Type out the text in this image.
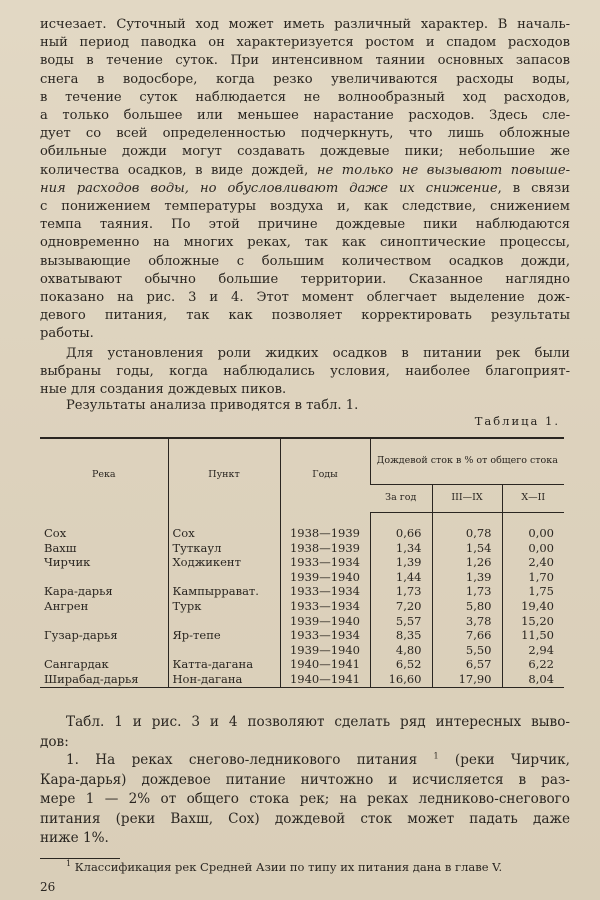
исчезает. Суточный ход может иметь различный характер. В началь-
ный период паводка он характеризуется ростом и спадом расходов
воды в течение суток. При интенсивном таянии основных запасов
снега в водосборе, когда резко увеличиваются расходы воды,
в течение суток наблюдается не волнообразный ход расходов,
а только большее или меньшее нарастание расходов. Здесь сле-
дует со всей определенностью подчеркнуть, что лишь обложные
обильные дожди могут создавать дождевые пики; небольшие же
количества осадков, в виде дождей, не только не вызывают повыше-
ния расходов воды, но обусловливают даже их снижение, в связи
с понижением температуры воздуха и, как следствие, снижением
темпа таяния. По этой причине дождевые пики наблюдаются
одновременно на многих реках, так как синоптические процессы,
вызывающие обложные с большим количеством осадков дожди,
охватывают обычно большие территории. Сказанное наглядно
показано на рис. 3 и 4. Этот момент облегчает выделение дож-
девого питания, так как позволяет корректировать результаты
работы.
Для установления роли жидких осадков в питании рек были
выбраны годы, когда наблюдались условия, наиболее благоприят-
ные для создания дождевых пиков.
Результаты анализа приводятся в табл. 1.
Таблица 1.
Река	Пункт	Годы	Дождевой сток в % от общего стока		
			За год	III—IX	X—II

Сох	Сох	1938—1939	0,66	0,78	0,00
Вахш	Туткаул	1938—1939	1,34	1,54	0,00
Чирчик	Ходжикент	1933—1934	1,39	1,26	2,40
		1939—1940	1,44	1,39	1,70
Кара-дарья	Кампыррават.	1933—1934	1,73	1,73	1,75
Ангрен	Турк	1933—1934	7,20	5,80	19,40
		1939—1940	5,57	3,78	15,20
Гузар-дарья	Яр-тепе	1933—1934	8,35	7,66	11,50
		1939—1940	4,80	5,50	2,94
Сангардак	Катта-дагана	1940—1941	6,52	6,57	6,22
Ширабад-дарья	Нон-дагана	1940—1941	16,60	17,90	8,04
Табл. 1 и рис. 3 и 4 позволяют сделать ряд интересных выво-
дов:
1. На реках снегово-ледникового питания $^1$ (реки Чирчик,
Кара-дарья) дождевое питание ничтожно и исчисляется в раз-
мере 1 — 2% от общего стока рек; на реках ледниково-снегового
питания (реки Вахш, Сох) дождевой сток может падать даже
ниже 1%.
$^1$ Классификация рек Средней Азии по типу их питания дана в главе V.
26
